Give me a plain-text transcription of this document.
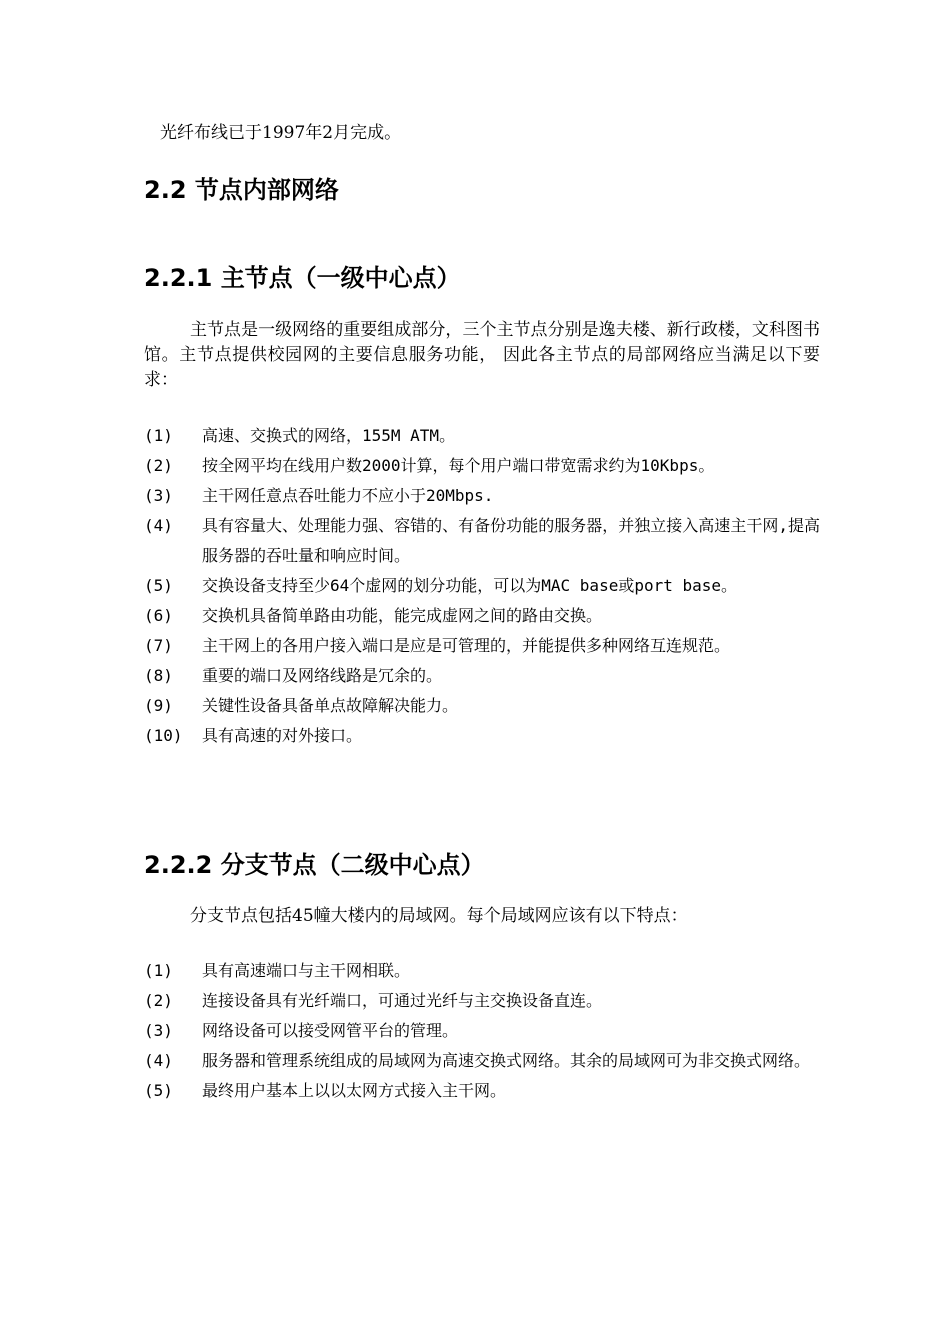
光纤布线已于1997年2月完成。
2.2 节点内部网络
2.2.1 主节点（一级中心点）
主节点是一级网络的重要组成部分，三个主节点分别是逸夫楼、新行政楼，文科图书馆。主节点提供校园网的主要信息服务功能， 因此各主节点的局部网络应当满足以下要求：
(1) 高速、交换式的网络，155M ATM。
(2) 按全网平均在线用户数2000计算，每个用户端口带宽需求约为10Kbps。
(3) 主干网任意点吞吐能力不应小于20Mbps.
(4) 具有容量大、处理能力强、容错的、有备份功能的服务器，并独立接入高速主干网,提高服务器的吞吐量和响应时间。
(5) 交换设备支持至少64个虚网的划分功能，可以为MAC base或port base。
(6) 交换机具备简单路由功能，能完成虚网之间的路由交换。
(7) 主干网上的各用户接入端口是应是可管理的，并能提供多种网络互连规范。
(8) 重要的端口及网络线路是冗余的。
(9) 关键性设备具备单点故障解决能力。
(10) 具有高速的对外接口。
2.2.2 分支节点（二级中心点）
分支节点包括45幢大楼内的局域网。每个局域网应该有以下特点：
(1) 具有高速端口与主干网相联。
(2) 连接设备具有光纤端口，可通过光纤与主交换设备直连。
(3) 网络设备可以接受网管平台的管理。
(4) 服务器和管理系统组成的局域网为高速交换式网络。其余的局域网可为非交换式网络。
(5) 最终用户基本上以以太网方式接入主干网。
